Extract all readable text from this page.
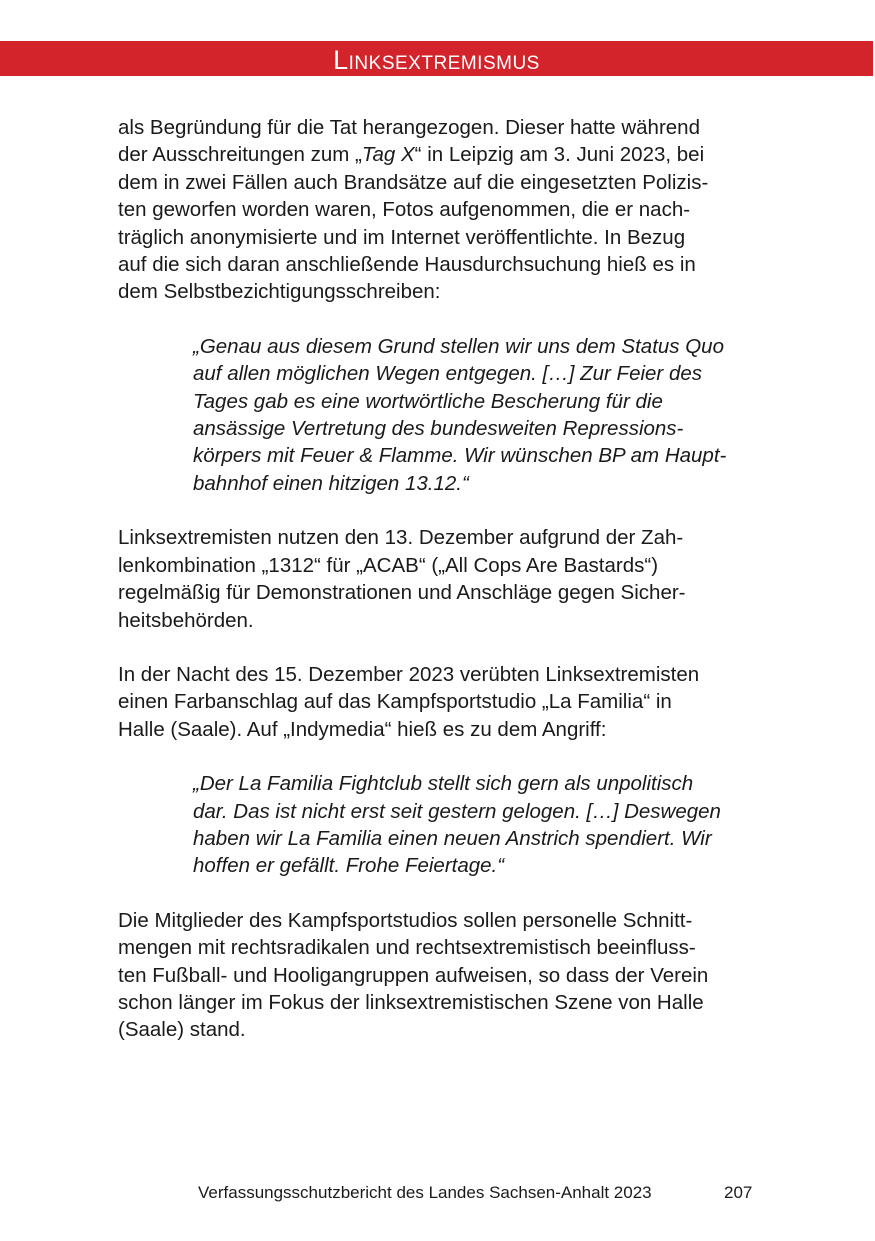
Linksextremismus

als Begründung für die Tat herangezogen. Dieser hatte während
der Ausschreitungen zum „Tag X“ in Leipzig am 3. Juni 2023, bei
dem in zwei Fällen auch Brandsätze auf die eingesetzten Polizis-
ten geworfen worden waren, Fotos aufgenommen, die er nach-
träglich anonymisierte und im Internet veröffentlichte. In Bezug
auf die sich daran anschließende Hausdurchsuchung hieß es in
dem Selbstbezichtigungsschreiben:

„Genau aus diesem Grund stellen wir uns dem Status Quo
auf allen möglichen Wegen entgegen. […] Zur Feier des
Tages gab es eine wortwörtliche Bescherung für die
ansässige Vertretung des bundesweiten Repressions-
körpers mit Feuer & Flamme. Wir wünschen BP am Haupt-
bahnhof einen hitzigen 13.12.“

Linksextremisten nutzen den 13. Dezember aufgrund der Zah-
lenkombination „1312“ für „ACAB“ („All Cops Are Bastards“)
regelmäßig für Demonstrationen und Anschläge gegen Sicher-
heitsbehörden.

In der Nacht des 15. Dezember 2023 verübten Linksextremisten
einen Farbanschlag auf das Kampfsportstudio „La Familia“ in
Halle (Saale). Auf „Indymedia“ hieß es zu dem Angriff:

„Der La Familia Fightclub stellt sich gern als unpolitisch
dar. Das ist nicht erst seit gestern gelogen. […] Deswegen
haben wir La Familia einen neuen Anstrich spendiert. Wir
hoffen er gefällt. Frohe Feiertage.“

Die Mitglieder des Kampfsportstudios sollen personelle Schnitt-
mengen mit rechtsradikalen und rechtsextremistisch beeinfluss-
ten Fußball- und Hooligangruppen aufweisen, so dass der Verein
schon länger im Fokus der linksextremistischen Szene von Halle
(Saale) stand.

Verfassungsschutzbericht des Landes Sachsen-Anhalt 2023	207
